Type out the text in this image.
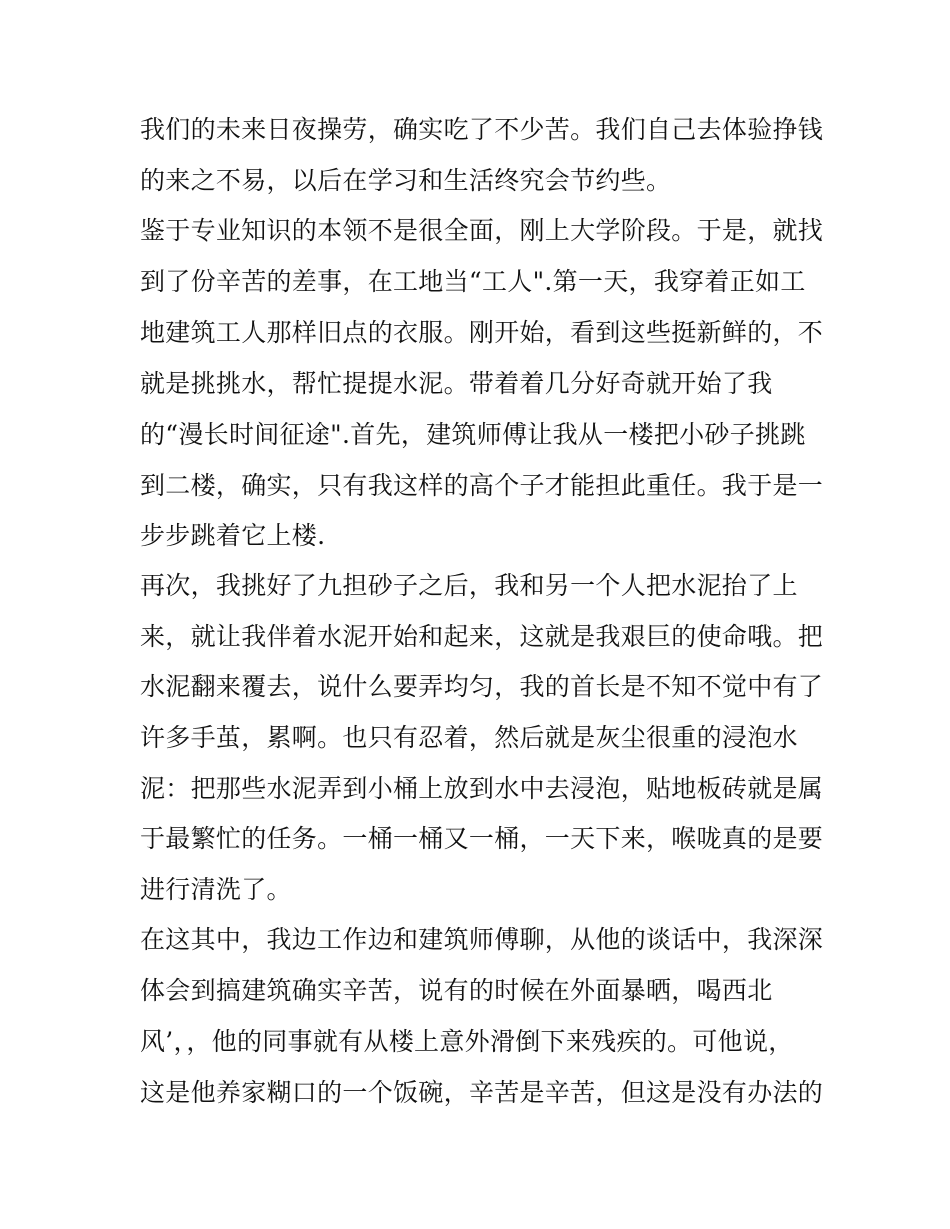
我们的未来日夜操劳，确实吃了不少苦。我们自己去体验挣钱
的来之不易，以后在学习和生活终究会节约些。
鉴于专业知识的本领不是很全面，刚上大学阶段。于是，就找
到了份辛苦的差事，在工地当“工人".第一天，我穿着正如工
地建筑工人那样旧点的衣服。刚开始，看到这些挺新鲜的，不
就是挑挑水，帮忙提提水泥。带着着几分好奇就开始了我
的“漫长时间征途".首先，建筑师傅让我从一楼把小砂子挑跳
到二楼，确实，只有我这样的高个子才能担此重任。我于是一
步步跳着它上楼.
再次，我挑好了九担砂子之后，我和另一个人把水泥抬了上
来，就让我伴着水泥开始和起来，这就是我艰巨的使命哦。把
水泥翻来覆去，说什么要弄均匀，我的首长是不知不觉中有了
许多手茧，累啊。也只有忍着，然后就是灰尘很重的浸泡水
泥：把那些水泥弄到小桶上放到水中去浸泡，贴地板砖就是属
于最繁忙的任务。一桶一桶又一桶，一天下来，喉咙真的是要
进行清洗了。
在这其中，我边工作边和建筑师傅聊，从他的谈话中，我深深
体会到搞建筑确实辛苦，说有的时候在外面暴晒，喝西北
风’，，他的同事就有从楼上意外滑倒下来残疾的。可他说，
这是他养家糊口的一个饭碗，辛苦是辛苦，但这是没有办法的
